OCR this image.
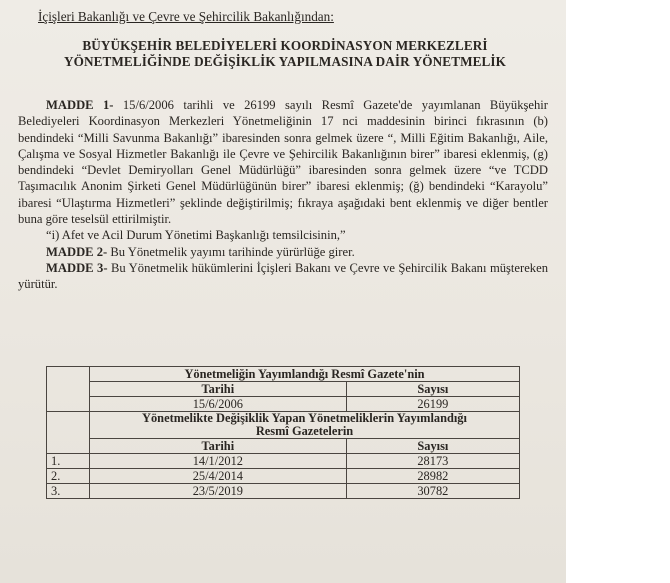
İçişleri Bakanlığı ve Çevre ve Şehircilik Bakanlığından:
BÜYÜKŞEHİR BELEDİYELERİ KOORDİNASYON MERKEZLERİ
YÖNETMELİĞİNDE DEĞİŞİKLİK YAPILMASINA DAİR YÖNETMELİK

MADDE 1- 15/6/2006 tarihli ve 26199 sayılı Resmî Gazete'de yayımlanan Büyükşehir Belediyeleri Koordinasyon Merkezleri Yönetmeliğinin 17 nci maddesinin birinci fıkrasının (b) bendindeki “Milli Savunma Bakanlığı” ibaresinden sonra gelmek üzere “, Milli Eğitim Bakanlığı, Aile, Çalışma ve Sosyal Hizmetler Bakanlığı ile Çevre ve Şehircilik Bakanlığının birer” ibaresi eklenmiş, (g) bendindeki “Devlet Demiryolları Genel Müdürlüğü” ibaresinden sonra gelmek üzere “ve TCDD Taşımacılık Anonim Şirketi Genel Müdürlüğünün birer” ibaresi eklenmiş; (ğ) bendindeki “Karayolu” ibaresi “Ulaştırma Hizmetleri” şeklinde değiştirilmiş; fıkraya aşağıdaki bent eklenmiş ve diğer bentler buna göre teselsül ettirilmiştir.

“i) Afet ve Acil Durum Yönetimi Başkanlığı temsilcisinin,”

MADDE 2- Bu Yönetmelik yayımı tarihinde yürürlüğe girer.

MADDE 3- Bu Yönetmelik hükümlerini İçişleri Bakanı ve Çevre ve Şehircilik Bakanı müştereken yürütür.

	Yönetmeliğin Yayımlandığı Resmî Gazete'nin	
	Tarihi	Sayısı
	15/6/2006	26199
	Yönetmelikte Değişiklik Yapan Yönetmeliklerin Yayımlandığı
Resmî Gazetelerin	
	Tarihi	Sayısı
1.	14/1/2012	28173
2.	25/4/2014	28982
3.	23/5/2019	30782
